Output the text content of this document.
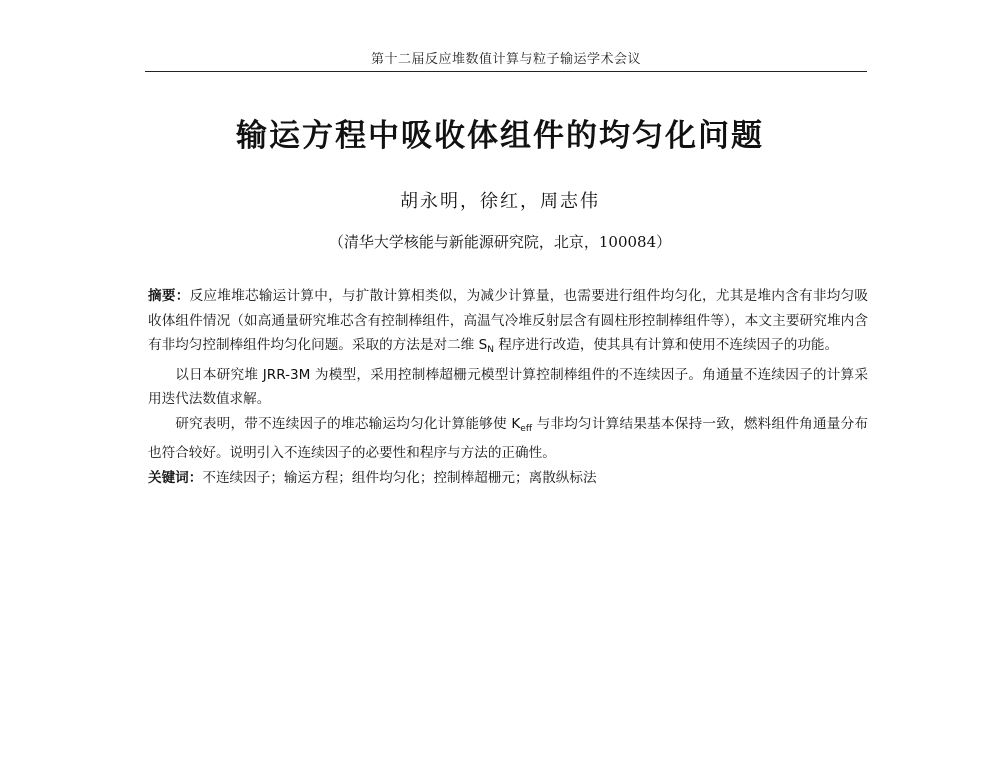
第十二届反应堆数值计算与粒子输运学术会议
输运方程中吸收体组件的均匀化问题
胡永明，徐红，周志伟
（清华大学核能与新能源研究院，北京，100084）

摘要：反应堆堆芯输运计算中，与扩散计算相类似，为减少计算量，也需要进行组件均匀化，尤其是堆内含有非均匀吸收体组件情况（如高通量研究堆芯含有控制棒组件，高温气冷堆反射层含有圆柱形控制棒组件等），本文主要研究堆内含有非均匀控制棒组件均匀化问题。采取的方法是对二维 $S_N$ 程序进行改造，使其具有计算和使用不连续因子的功能。

以日本研究堆 JRR-3M 为模型，采用控制棒超栅元模型计算控制棒组件的不连续因子。角通量不连续因子的计算采用迭代法数值求解。

研究表明，带不连续因子的堆芯输运均匀化计算能够使 $K_{eff}$ 与非均匀计算结果基本保持一致，燃料组件角通量分布也符合较好。说明引入不连续因子的必要性和程序与方法的正确性。

关键词：不连续因子；输运方程；组件均匀化；控制棒超栅元；离散纵标法
